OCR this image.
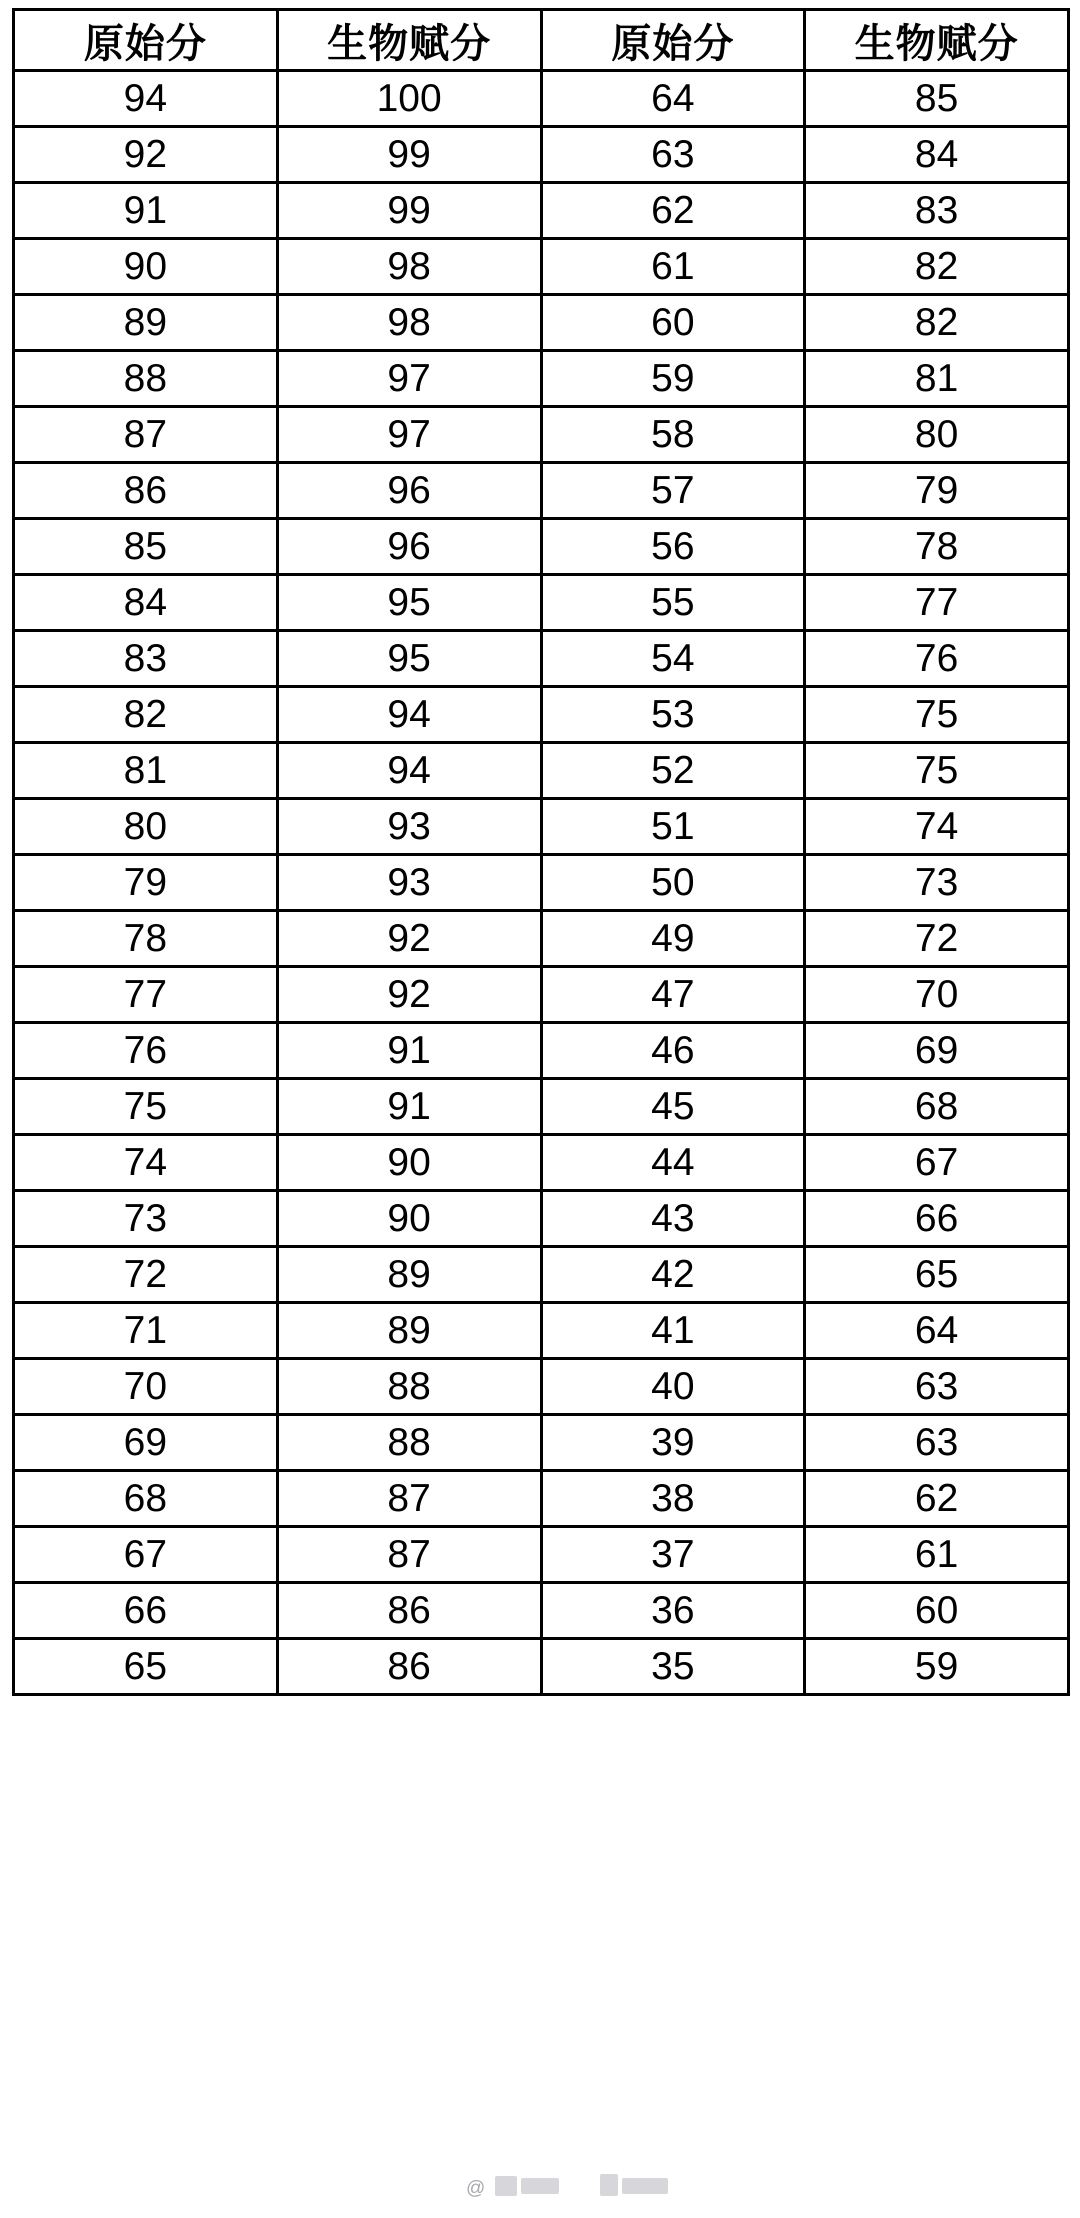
原始分	生物赋分	原始分	生物赋分
94	100	64	85
92	99	63	84
91	99	62	83
90	98	61	82
89	98	60	82
88	97	59	81
87	97	58	80
86	96	57	79
85	96	56	78
84	95	55	77
83	95	54	76
82	94	53	75
81	94	52	75
80	93	51	74
79	93	50	73
78	92	49	72
77	92	47	70
76	91	46	69
75	91	45	68
74	90	44	67
73	90	43	66
72	89	42	65
71	89	41	64
70	88	40	63
69	88	39	63
68	87	38	62
67	87	37	61
66	86	36	60
65	86	35	59
@
